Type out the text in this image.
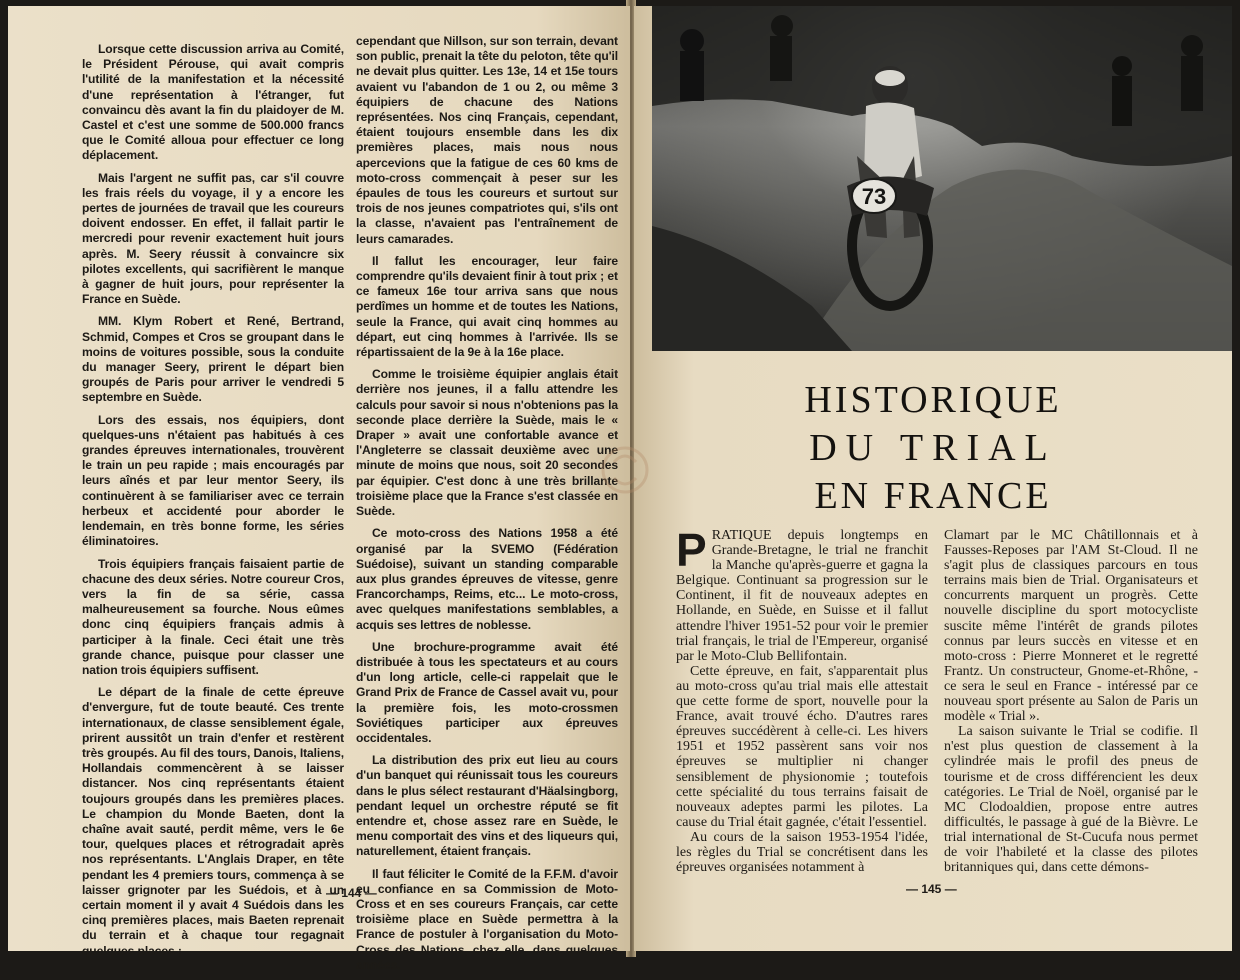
Lorsque cette discussion arriva au Comité, le Président Pérouse, qui avait compris l'utilité de la manifestation et la nécessité d'une représentation à l'étranger, fut convaincu dès avant la fin du plaidoyer de M. Castel et c'est une somme de 500.000 francs que le Comité alloua pour effectuer ce long déplacement.

Mais l'argent ne suffit pas, car s'il couvre les frais réels du voyage, il y a encore les pertes de journées de travail que les coureurs doivent endosser. En effet, il fallait partir le mercredi pour revenir exactement huit jours après. M. Seery réussit à convaincre six pilotes excellents, qui sacrifièrent le manque à gagner de huit jours, pour représenter la France en Suède.

MM. Klym Robert et René, Bertrand, Schmid, Compes et Cros se groupant dans le moins de voitures possible, sous la conduite du manager Seery, prirent le départ bien groupés de Paris pour arriver le vendredi 5 septembre en Suède.

Lors des essais, nos équipiers, dont quelques-uns n'étaient pas habitués à ces grandes épreuves internationales, trouvèrent le train un peu rapide ; mais encouragés par leurs aînés et par leur mentor Seery, ils continuèrent à se familiariser avec ce terrain herbeux et accidenté pour aborder le lendemain, en très bonne forme, les séries éliminatoires.

Trois équipiers français faisaient partie de chacune des deux séries. Notre coureur Cros, vers la fin de sa série, cassa malheureusement sa fourche. Nous eûmes donc cinq équipiers français admis à participer à la finale. Ceci était une très grande chance, puisque pour classer une nation trois équipiers suffisent.

Le départ de la finale de cette épreuve d'envergure, fut de toute beauté. Ces trente internationaux, de classe sensiblement égale, prirent aussitôt un train d'enfer et restèrent très groupés. Au fil des tours, Danois, Italiens, Hollandais commencèrent à se laisser distancer. Nos cinq représentants étaient toujours groupés dans les premières places. Le champion du Monde Baeten, dont la chaîne avait sauté, perdit même, vers le 6e tour, quelques places et rétrogradait après nos représentants. L'Anglais Draper, en tête pendant les 4 premiers tours, commença à se laisser grignoter par les Suédois, et à un certain moment il y avait 4 Suédois dans les cinq premières places, mais Baeten reprenait du terrain et à chaque tour regagnait quelques places ;

cependant que Nillson, sur son terrain, devant son public, prenait la tête du peloton, tête qu'il ne devait plus quitter. Les 13e, 14 et 15e tours avaient vu l'abandon de 1 ou 2, ou même 3 équipiers de chacune des Nations représentées. Nos cinq Français, cependant, étaient toujours ensemble dans les dix premières places, mais nous nous apercevions que la fatigue de ces 60 kms de moto-cross commençait à peser sur les épaules de tous les coureurs et surtout sur trois de nos jeunes compatriotes qui, s'ils ont la classe, n'avaient pas l'entraînement de leurs camarades.

Il fallut les encourager, leur faire comprendre qu'ils devaient finir à tout prix ; et ce fameux 16e tour arriva sans que nous perdîmes un homme et de toutes les Nations, seule la France, qui avait cinq hommes au départ, eut cinq hommes à l'arrivée. Ils se répartissaient de la 9e à la 16e place.

Comme le troisième équipier anglais était derrière nos jeunes, il a fallu attendre les calculs pour savoir si nous n'obtenions pas la seconde place derrière la Suède, mais le « Draper » avait une confortable avance et l'Angleterre se classait deuxième avec une minute de moins que nous, soit 20 secondes par équipier. C'est donc à une très brillante troisième place que la France s'est classée en Suède.

Ce moto-cross des Nations 1958 a été organisé par la SVEMO (Fédération Suédoise), suivant un standing comparable aux plus grandes épreuves de vitesse, genre Francorchamps, Reims, etc... Le moto-cross, avec quelques manifestations semblables, a acquis ses lettres de noblesse.

Une brochure-programme avait été distribuée à tous les spectateurs et au cours d'un long article, celle-ci rappelait que le Grand Prix de France de Cassel avait vu, pour la première fois, les moto-crossmen Soviétiques participer aux épreuves occidentales.

La distribution des prix eut lieu au cours d'un banquet qui réunissait tous les coureurs dans le plus sélect restaurant d'Häalsingborg, pendant lequel un orchestre réputé se fit entendre et, chose assez rare en Suède, le menu comportait des vins et des liqueurs qui, naturellement, étaient français.

Il faut féliciter le Comité de la F.F.M. d'avoir eu confiance en sa Commission de Moto-Cross et en ses coureurs Français, car cette troisième place en Suède permettra à la France de postuler à l'organisation du Moto-Cross des Nations, chez elle, dans quelques années.

— 144 —
73
HISTORIQUE
DU TRIAL
EN FRANCE

PRATIQUE depuis longtemps en Grande-Bretagne, le trial ne franchit la Manche qu'après-guerre et gagna la Belgique. Continuant sa progression sur le Continent, il fit de nouveaux adeptes en Hollande, en Suède, en Suisse et il fallut attendre l'hiver 1951-52 pour voir le premier trial français, le trial de l'Empereur, organisé par le Moto-Club Bellifontain.

Cette épreuve, en fait, s'apparentait plus au moto-cross qu'au trial mais elle attestait que cette forme de sport, nouvelle pour la France, avait trouvé écho. D'autres rares épreuves succédèrent à celle-ci. Les hivers 1951 et 1952 passèrent sans voir nos épreuves se multiplier ni changer sensiblement de physionomie ; toutefois cette spécialité du tous terrains faisait de nouveaux adeptes parmi les pilotes. La cause du Trial était gagnée, c'était l'essentiel.

Au cours de la saison 1953-1954 l'idée, les règles du Trial se concrétisent dans les épreuves organisées notamment à

Clamart par le MC Châtillonnais et à Fausses-Reposes par l'AM St-Cloud. Il ne s'agit plus de classiques parcours en tous terrains mais bien de Trial. Organisateurs et concurrents marquent un progrès. Cette nouvelle discipline du sport motocycliste suscite même l'intérêt de grands pilotes connus par leurs succès en vitesse et en moto-cross : Pierre Monneret et le regretté Frantz. Un constructeur, Gnome-et-Rhône, - ce sera le seul en France - intéressé par ce nouveau sport présente au Salon de Paris un modèle « Trial ».

La saison suivante le Trial se codifie. Il n'est plus question de classement à la cylindrée mais le profil des pneus de tourisme et de cross différencient les deux catégories. Le Trial de Noël, organisé par le MC Clodoaldien, propose entre autres difficultés, le passage à gué de la Bièvre. Le trial international de St-Cucufa nous permet de voir l'habileté et la classe des pilotes britanniques qui, dans cette démons-

— 145 —
